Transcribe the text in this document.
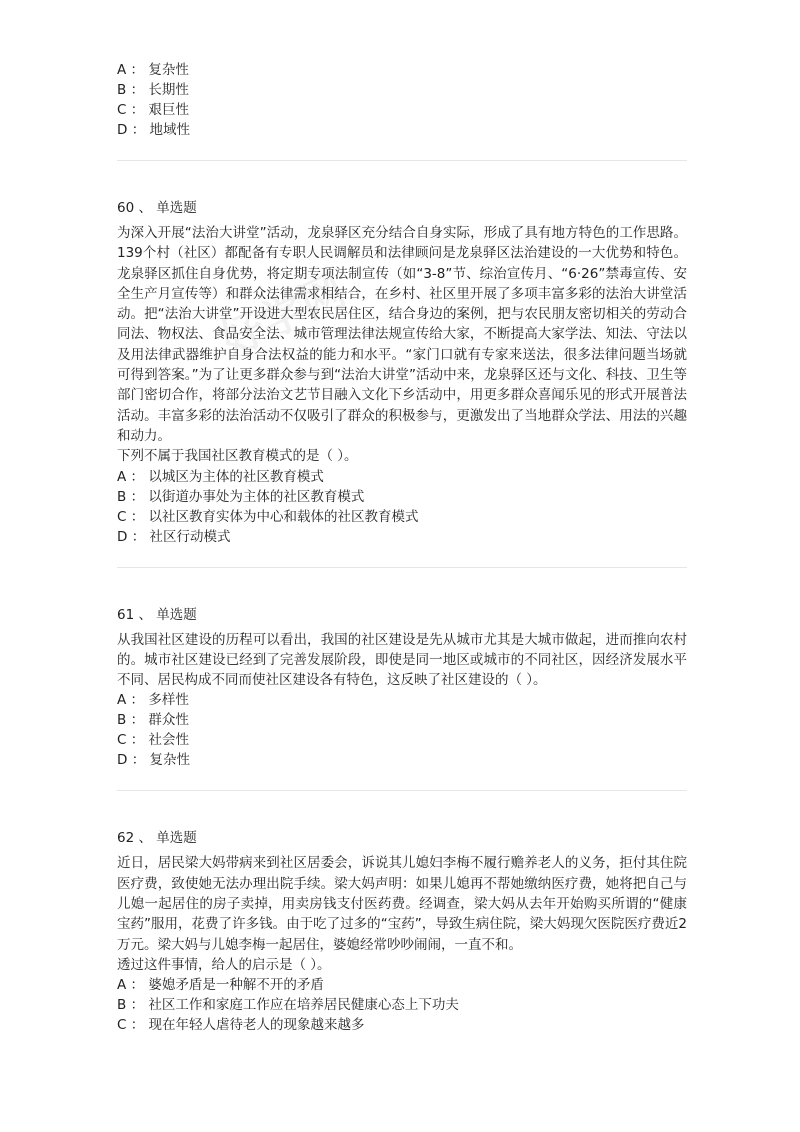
好学网
A ： 复杂性
B ： 长期性
C ： 艰巨性
D ： 地域性
60 、 单选题
为深入开展“法治大讲堂”活动，龙泉驿区充分结合自身实际，形成了具有地方特色的工作思路。139个村（社区）都配备有专职人民调解员和法律顾问是龙泉驿区法治建设的一大优势和特色。龙泉驿区抓住自身优势，将定期专项法制宣传（如“3-8”节、综治宣传月、“6·26”禁毒宣传、安全生产月宣传等）和群众法律需求相结合，在乡村、社区里开展了多项丰富多彩的法治大讲堂活动。把“法治大讲堂”开设进大型农民居住区，结合身边的案例，把与农民朋友密切相关的劳动合同法、物权法、食品安全法、城市管理法律法规宣传给大家，不断提高大家学法、知法、守法以及用法律武器维护自身合法权益的能力和水平。“家门口就有专家来送法，很多法律问题当场就可得到答案。”为了让更多群众参与到“法治大讲堂”活动中来，龙泉驿区还与文化、科技、卫生等部门密切合作，将部分法治文艺节目融入文化下乡活动中，用更多群众喜闻乐见的形式开展普法活动。丰富多彩的法治活动不仅吸引了群众的积极参与，更激发出了当地群众学法、用法的兴趣和动力。
下列不属于我国社区教育模式的是（ ）。
A ： 以城区为主体的社区教育模式
B ： 以街道办事处为主体的社区教育模式
C ： 以社区教育实体为中心和载体的社区教育模式
D ： 社区行动模式
61 、 单选题
从我国社区建设的历程可以看出，我国的社区建设是先从城市尤其是大城市做起，进而推向农村的。城市社区建设已经到了完善发展阶段，即使是同一地区或城市的不同社区，因经济发展水平不同、居民构成不同而使社区建设各有特色，这反映了社区建设的（ ）。
A ： 多样性
B ： 群众性
C ： 社会性
D ： 复杂性
62 、 单选题
近日，居民梁大妈带病来到社区居委会，诉说其儿媳妇李梅不履行赡养老人的义务，拒付其住院医疗费，致使她无法办理出院手续。梁大妈声明：如果儿媳再不帮她缴纳医疗费，她将把自己与儿媳一起居住的房子卖掉，用卖房钱支付医药费。经调查，梁大妈从去年开始购买所谓的“健康宝药”服用，花费了许多钱。由于吃了过多的“宝药”，导致生病住院，梁大妈现欠医院医疗费近2万元。梁大妈与儿媳李梅一起居住，婆媳经常吵吵闹闹，一直不和。
透过这件事情，给人的启示是（ ）。
A ： 婆媳矛盾是一种解不开的矛盾
B ： 社区工作和家庭工作应在培养居民健康心态上下功夫
C ： 现在年轻人虐待老人的现象越来越多
